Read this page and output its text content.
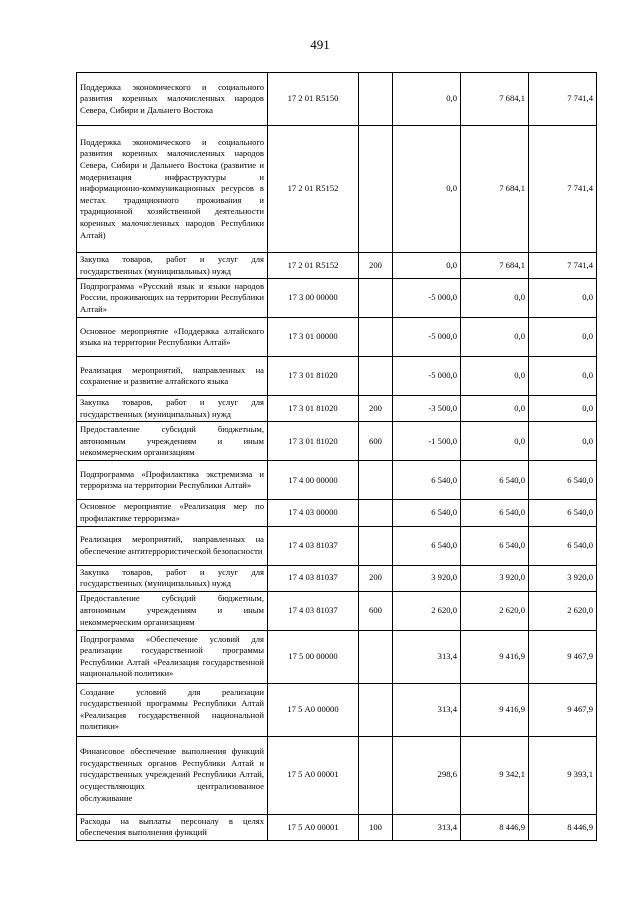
491
Поддержка экономического и социального развития коренных малочисленных народов Севера, Сибири и Дальнего Востока	17 2 01 R5150		0,0	7 684,1	7 741,4
Поддержка экономического и социального развития коренных малочисленных народов Севера, Сибири и Дальнего Востока (развитие и модернизация инфраструктуры и информационно-коммуникационных ресурсов в местах традиционного проживания и традиционной хозяйственной деятельности коренных малочисленных народов Республики Алтай)	17 2 01 R5152		0,0	7 684,1	7 741,4
Закупка товаров, работ и услуг для государственных (муниципальных) нужд	17 2 01 R5152	200	0,0	7 684,1	7 741,4
Подпрограмма «Русский язык и языки народов России, проживающих на территории Республики Алтай»	17 3 00 00000		-5 000,0	0,0	0,0
Основное мероприятие «Поддержка алтайского языка на территории Республики Алтай»	17 3 01 00000		-5 000,0	0,0	0,0
Реализация мероприятий, направленных на сохранение и развитие алтайского языка	17 3 01 81020		-5 000,0	0,0	0,0
Закупка товаров, работ и услуг для государственных (муниципальных) нужд	17 3 01 81020	200	-3 500,0	0,0	0,0
Предоставление субсидий бюджетным, автономным учреждениям и иным некоммерческим организациям	17 3 01 81020	600	-1 500,0	0,0	0,0
Подпрограмма «Профилактика экстремизма и терроризма на территории Республики Алтай»	17 4 00 00000		6 540,0	6 540,0	6 540,0
Основное мероприятие «Реализация мер по профилактике терроризма»	17 4 03 00000		6 540,0	6 540,0	6 540,0
Реализация мероприятий, направленных на обеспечение антитеррористической безопасности	17 4 03 81037		6 540,0	6 540,0	6 540,0
Закупка товаров, работ и услуг для государственных (муниципальных) нужд	17 4 03 81037	200	3 920,0	3 920,0	3 920,0
Предоставление субсидий бюджетным, автономным учреждениям и иным некоммерческим организациям	17 4 03 81037	600	2 620,0	2 620,0	2 620,0
Подпрограмма «Обеспечение условий для реализации государственной программы Республики Алтай «Реализация государственной национальной политики»	17 5 00 00000		313,4	9 416,9	9 467,9
Создание условий для реализации государственной программы Республики Алтай «Реализация государственной национальной политики»	17 5 А0 00000		313,4	9 416,9	9 467,9
Финансовое обеспечение выполнения функций государственных органов Республики Алтай и государственных учреждений Республики Алтай, осуществляющих централизованное обслуживание	17 5 А0 00001		298,6	9 342,1	9 393,1
Расходы на выплаты персоналу в целях обеспечения выполнения функций	17 5 А0 00001	100	313,4	8 446,9	8 446,9
